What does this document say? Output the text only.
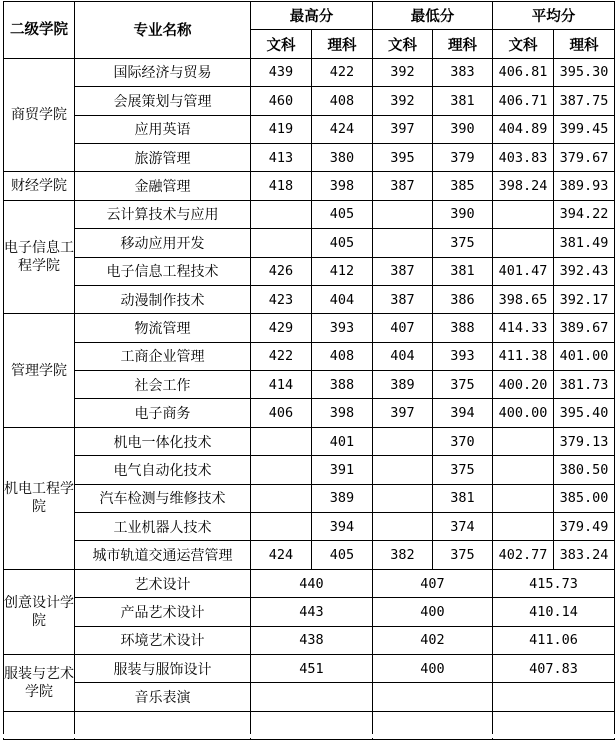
二级学院	专业名称	最高分		最低分		平均分	
		文科	理科	文科	理科	文科	理科
商贸学院	国际经济与贸易	439	422	392	383	406.81	395.30
	会展策划与管理	460	408	392	381	406.71	387.75
	应用英语	419	424	397	390	404.89	399.45
	旅游管理	413	380	395	379	403.83	379.67
财经学院	金融管理	418	398	387	385	398.24	389.93
电子信息工程学院	云计算技术与应用		405		390		394.22
	移动应用开发		405		375		381.49
	电子信息工程技术	426	412	387	381	401.47	392.43
	动漫制作技术	423	404	387	386	398.65	392.17
管理学院	物流管理	429	393	407	388	414.33	389.67
	工商企业管理	422	408	404	393	411.38	401.00
	社会工作	414	388	389	375	400.20	381.73
	电子商务	406	398	397	394	400.00	395.40
机电工程学院	机电一体化技术		401		370		379.13
	电气自动化技术		391		375		380.50
	汽车检测与维修技术		389		381		385.00
	工业机器人技术		394		374		379.49
	城市轨道交通运营管理	424	405	382	375	402.77	383.24
创意设计学院	艺术设计	440		407		415.73	
	产品艺术设计	443		400		410.14	
	环境艺术设计	438		402		411.06	
服装与艺术学院	服装与服饰设计	451		400		407.83	
	音乐表演						
